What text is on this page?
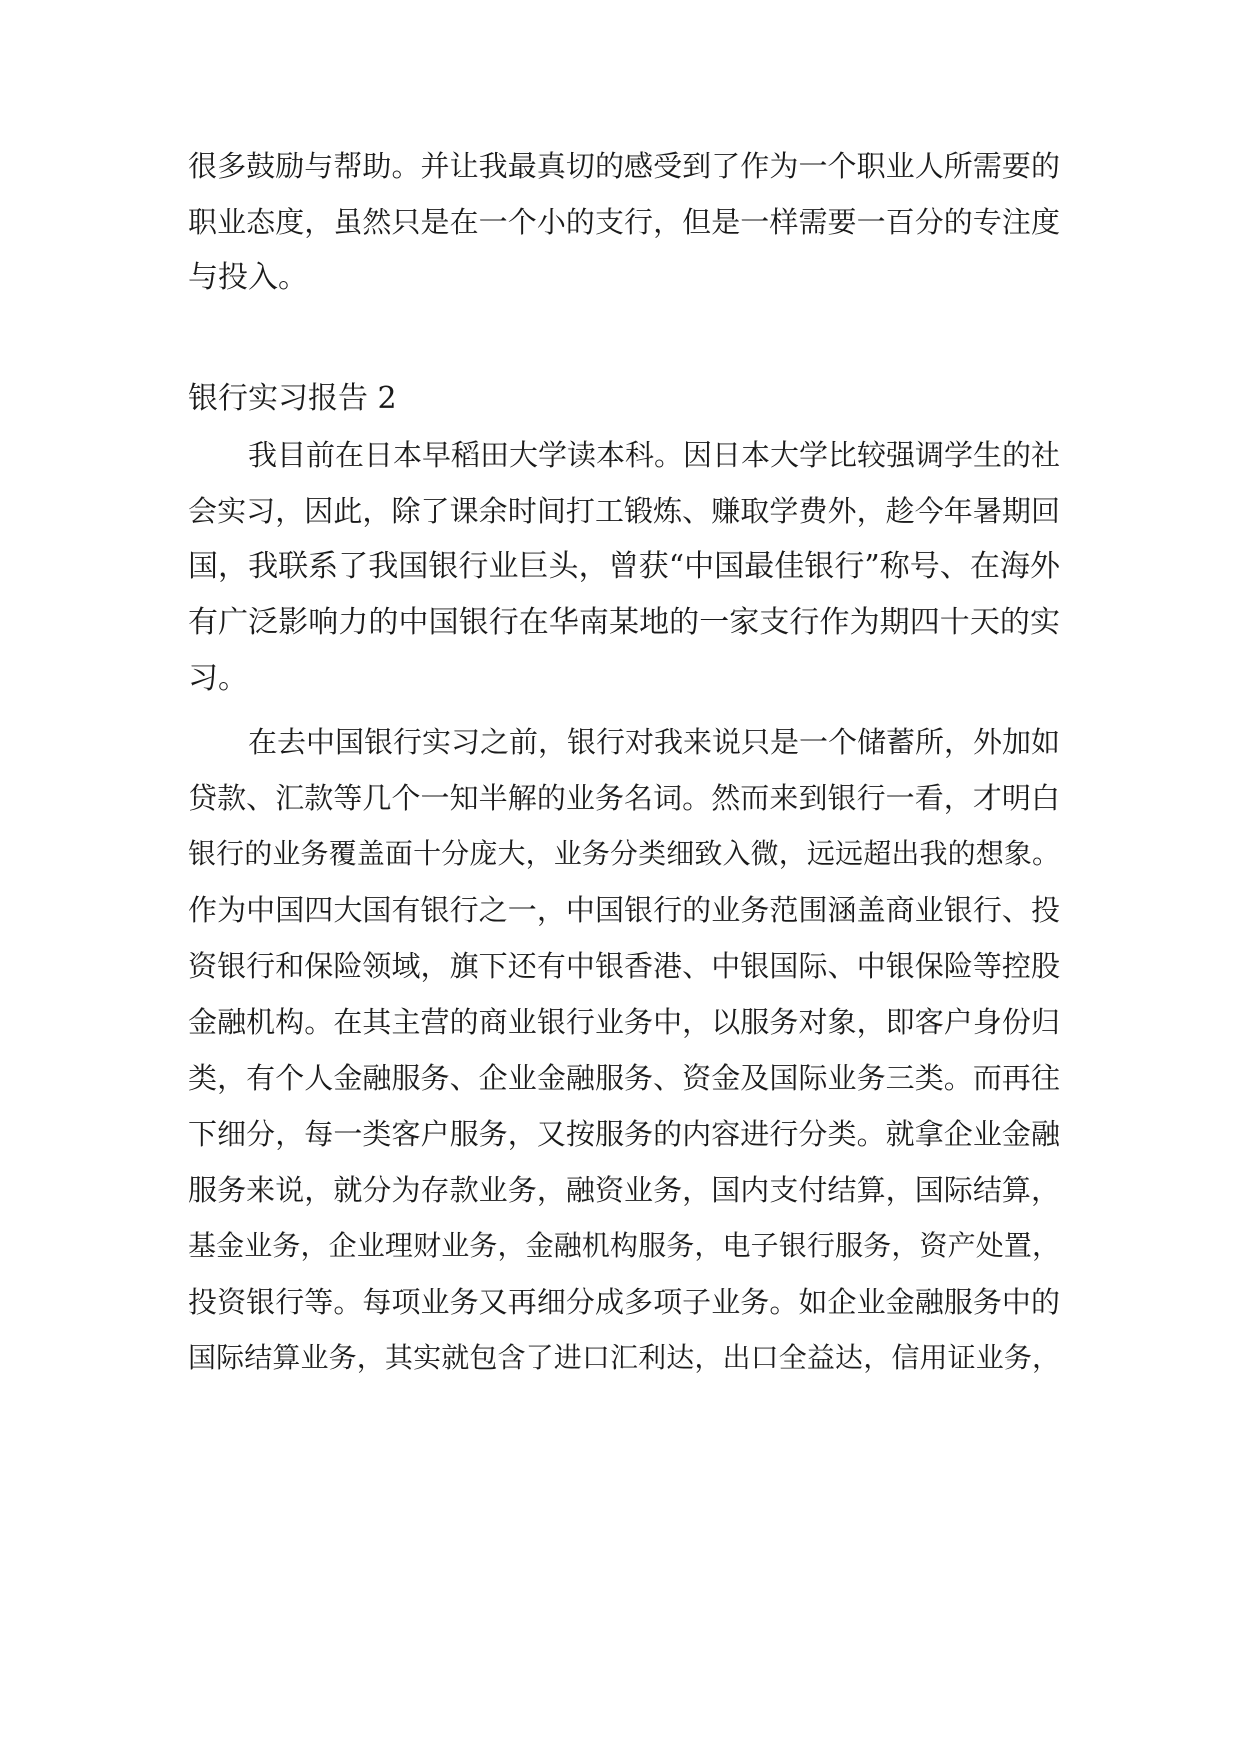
很多鼓励与帮助。并让我最真切的感受到了作为一个职业人所需要的
职业态度，虽然只是在一个小的支行，但是一样需要一百分的专注度
与投入。
银行实习报告 2
我目前在日本早稻田大学读本科。因日本大学比较强调学生的社
会实习，因此，除了课余时间打工锻炼、赚取学费外，趁今年暑期回
国，我联系了我国银行业巨头，曾获“中国最佳银行”称号、在海外
有广泛影响力的中国银行在华南某地的一家支行作为期四十天的实
习。
在去中国银行实习之前，银行对我来说只是一个储蓄所，外加如
贷款、汇款等几个一知半解的业务名词。然而来到银行一看，才明白
银行的业务覆盖面十分庞大，业务分类细致入微，远远超出我的想象。
作为中国四大国有银行之一，中国银行的业务范围涵盖商业银行、投
资银行和保险领域，旗下还有中银香港、中银国际、中银保险等控股
金融机构。在其主营的商业银行业务中，以服务对象，即客户身份归
类，有个人金融服务、企业金融服务、资金及国际业务三类。而再往
下细分，每一类客户服务，又按服务的内容进行分类。就拿企业金融
服务来说，就分为存款业务，融资业务，国内支付结算，国际结算，
基金业务，企业理财业务，金融机构服务，电子银行服务，资产处置，
投资银行等。每项业务又再细分成多项子业务。如企业金融服务中的
国际结算业务，其实就包含了进口汇利达，出口全益达，信用证业务，
